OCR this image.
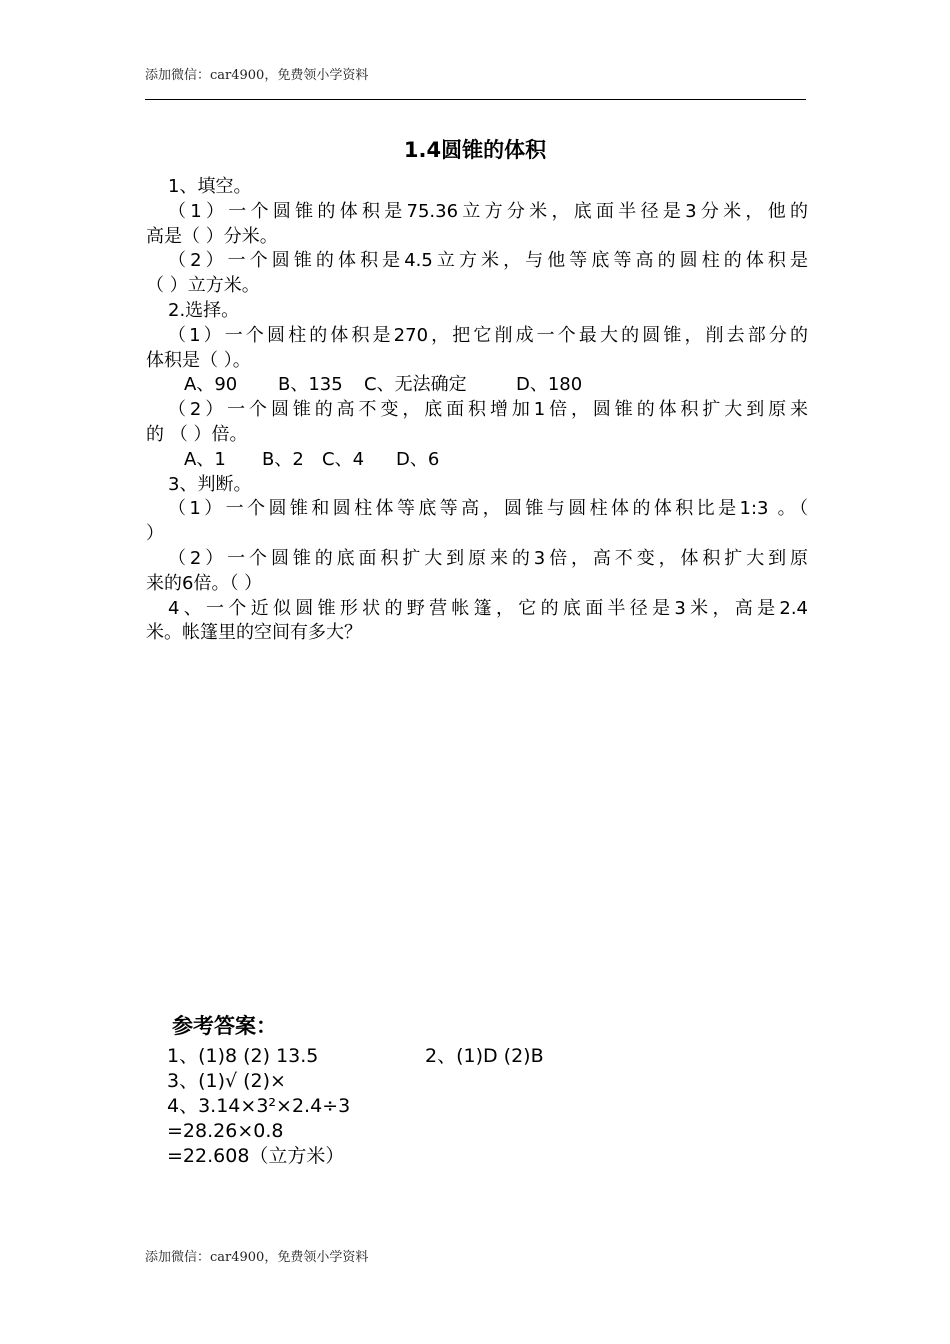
添加微信：car4900，免费领小学资料
1.4圆锥的体积
1、填空。
（1）一个圆锥的体积是75.36立方分米，底面半径是3分米，他的
高是（ ）分米。
（2）一个圆锥的体积是4.5立方米，与他等底等高的圆柱的体积是
（ ）立方米。
2.选择。
（1）一个圆柱的体积是270，把它削成一个最大的圆锥，削去部分的
体积是（ ）。
A、90 B、135 C、无法确定	D、180
（2）一个圆锥的高不变，底面积增加1倍，圆锥的体积扩大到原来
的 （ ）倍。
A、1 B、2 C、4 D、6
3、判断。
（1）一个圆锥和圆柱体等底等高，圆锥与圆柱体的体积比是1:3 。（
）
（2）一个圆锥的底面积扩大到原来的3倍，高不变，体积扩大到原
来的6倍。（ ）
4、一个近似圆锥形状的野营帐篷，它的底面半径是3米，高是2.4
米。帐篷里的空间有多大？
参考答案：
1、(1)8 (2) 13.5	2、(1)D (2)B
3、(1)√ (2)×
4、3.14×3²×2.4÷3
=28.26×0.8
=22.608（立方米）
添加微信：car4900，免费领小学资料
